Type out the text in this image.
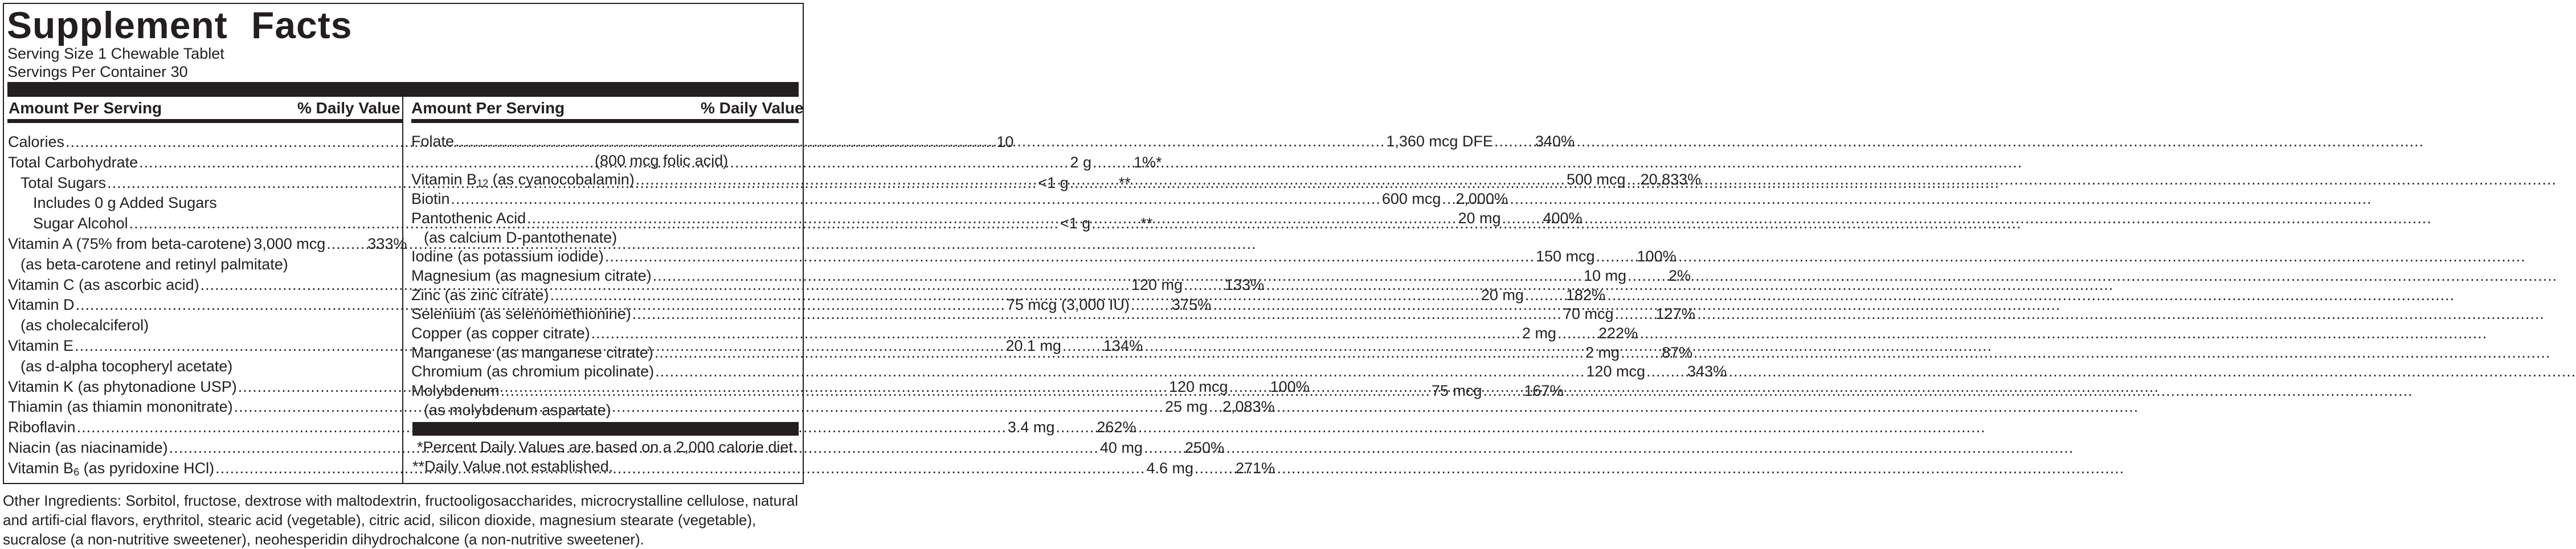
Supplement Facts
Serving Size 1 Chewable Tablet
Servings Per Container 30
Amount Per Serving	% Daily Value Amount Per Serving	% Daily Value
Calories .....	10
Total Carbohydrate .....	2 g .....	1%*
Total Sugars .....	<1 g .....	**
Includes 0 g Added Sugars
Sugar Alcohol .....	<1 g .....	**
Vitamin A (75% from beta-carotene) 3,000 mcg .....	333%
(as beta-carotene and retinyl palmitate)
Vitamin C (as ascorbic acid) .....	120 mg .....	133%
Vitamin D .....	75 mcg (3,000 IU) .....	375%
(as cholecalciferol)
Vitamin E .....	20.1 mg .....	134%
(as d-alpha tocopheryl acetate)
Vitamin K (as phytonadione USP) .....	120 mcg .....	100%
Thiamin (as thiamin mononitrate) .....	25 mg ..... 2,083%
Riboflavin .....	3.4 mg .....	262%
Niacin (as niacinamide) .....	40 mg .....	250%
Vitamin $B_6$ (as pyridoxine HCl) .....	4.6 mg .....	271%
Folate .....	1,360 mcg DFE .....	340%
(800 mcg folic acid)
Vitamin $B_{12}$ (as cyanocobalamin) .....	500 mcg ..... 20,833%
Biotin .....	600 mcg ..... 2,000%
Pantothenic Acid .....	20 mg .....	400%
(as calcium D-pantothenate)
Iodine (as potassium iodide) .....	150 mcg .....	100%
Magnesium (as magnesium citrate) .....	10 mg .....	2%
Zinc (as zinc citrate) .....	20 mg .....	182%
Selenium (as selenomethionine) .....	70 mcg .....	127%
Copper (as copper citrate) .....	2 mg .....	222%
Manganese (as manganese citrate) .....	2 mg .....	87%
Chromium (as chromium picolinate) .....	120 mcg .....	343%
Molybdenum .....	75 mcg .....	167%
(as molybdenum aspartate)
*Percent Daily Values are based on a 2,000 calorie diet.
**Daily Value not established.
Other Ingredients: Sorbitol, fructose, dextrose with maltodextrin, fructooligosaccharides, microcrystalline cellulose, natural and artifi-cial flavors, erythritol, stearic acid (vegetable), citric acid, silicon dioxide, magnesium stearate (vegetable), sucralose (a non-nutritive sweetener), neohesperidin dihydrochalcone (a non-nutritive sweetener).
